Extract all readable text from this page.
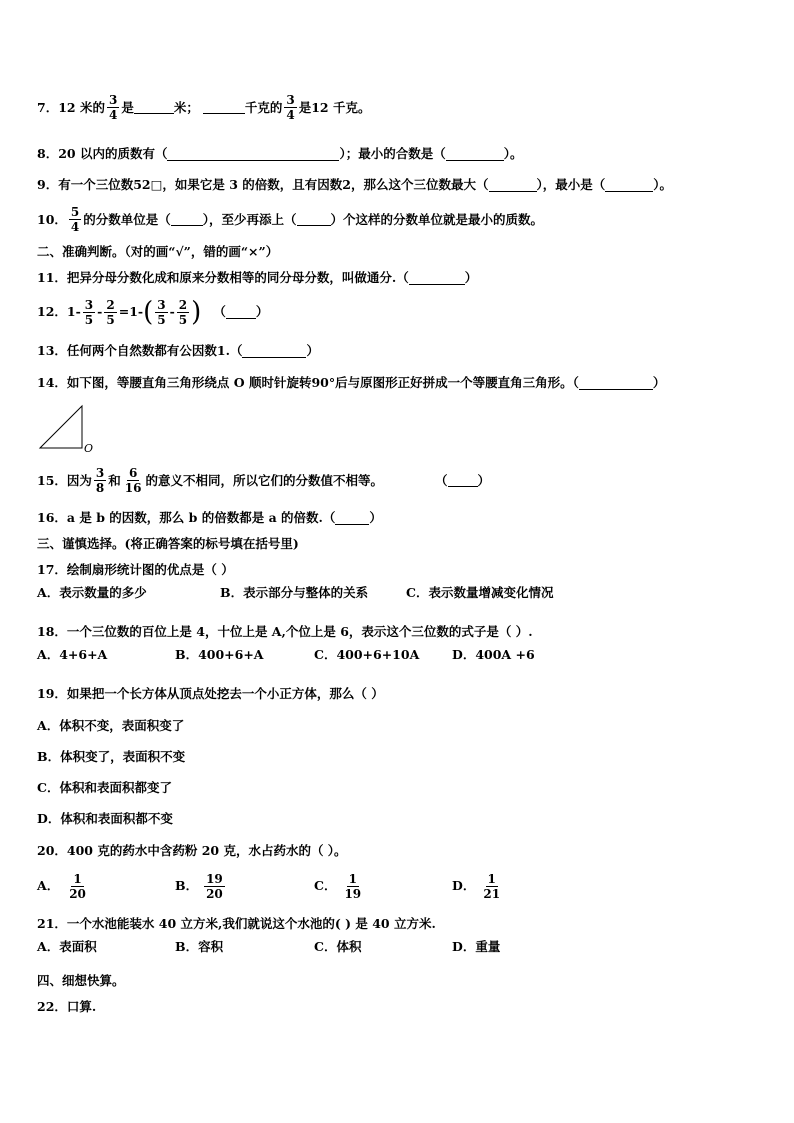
7．12 米的 $\frac{3}{4}$ 是	米；	千克的 $\frac{3}{4}$ 是12 千克。
8．20 以内的质数有（	）；最小的合数是（	）。
9．有一个三位数52□，如果它是 3 的倍数，且有因数2，那么这个三位数最大（	），最小是（	）。
10． $\frac{5}{4}$ 的分数单位是（	），至少再添上（	）个这样的分数单位就是最小的质数。
二、准确判断。（对的画“√”，错的画“×”）
11．把异分母分数化成和原来分数相等的同分母分数，叫做通分.（	）
12． $1- \frac{3}{5} - \frac{2}{5} =1-$ ( $\frac{3}{5} - \frac{2}{5}$ ) （ ）
13．任何两个自然数都有公因数1.（	）
14．如下图，等腰直角三角形绕点 O 顺时针旋转90°后与原图形正好拼成一个等腰直角三角形。（	）
O
15．因为 $\frac{3}{8}$ 和 $\frac{6}{16}$ 的意义不相同，所以它们的分数值不相等。	（ ）
16．a 是 b 的因数，那么 b 的倍数都是 a 的倍数.（	）
三、谨慎选择。(将正确答案的标号填在括号里)
17．绘制扇形统计图的优点是（ ）
A．表示数量的多少	B．表示部分与整体的关系	C．表示数量增减变化情况
18．一个三位数的百位上是 4，十位上是 A,个位上是 6，表示这个三位数的式子是（ ）.
A．4+6+A	B．400+6+A	C．400+6+10A	D．400A +6
19．如果把一个长方体从顶点处挖去一个小正方体，那么（ ）
A．体积不变，表面积变了
B．体积变了，表面积不变
C．体积和表面积都变了
D．体积和表面积都不变
20．400 克的药水中含药粉 20 克，水占药水的（ ）。
A． $\frac{1}{20}$	B． $\frac{19}{20}$	C． $\frac{1}{19}$	D． $\frac{1}{21}$
21．一个水池能装水 40 立方米,我们就说这个水池的( ) 是 40 立方米.
A．表面积	B．容积	C．体积	D．重量
四、细想快算。
22．口算.
